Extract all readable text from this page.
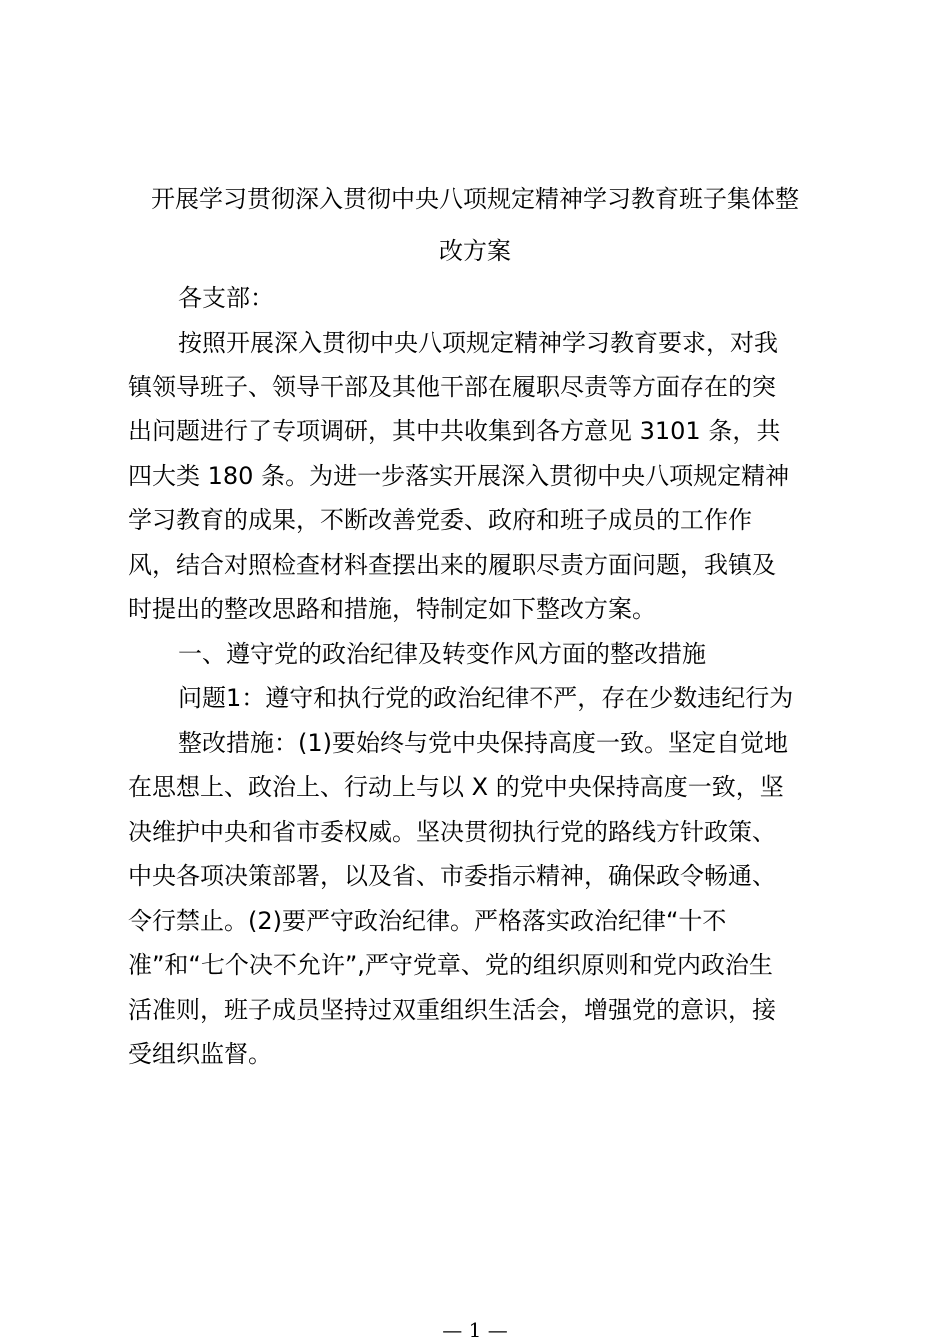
开展学习贯彻深入贯彻中央八项规定精神学习教育班子集体整
改方案
各支部：
按照开展深入贯彻中央八项规定精神学习教育要求，对我
镇领导班子、领导干部及其他干部在履职尽责等方面存在的突
出问题进行了专项调研，其中共收集到各方意见 3101 条，共
四大类 180 条。为进一步落实开展深入贯彻中央八项规定精神
学习教育的成果，不断改善党委、政府和班子成员的工作作
风，结合对照检查材料查摆出来的履职尽责方面问题，我镇及
时提出的整改思路和措施，特制定如下整改方案。
一、遵守党的政治纪律及转变作风方面的整改措施
问题1：遵守和执行党的政治纪律不严，存在少数违纪行为
整改措施：(1)要始终与党中央保持高度一致。坚定自觉地
在思想上、政治上、行动上与以 X 的党中央保持高度一致，坚
决维护中央和省市委权威。坚决贯彻执行党的路线方针政策、
中央各项决策部署，以及省、市委指示精神，确保政令畅通、
令行禁止。(2)要严守政治纪律。严格落实政治纪律“十不
准”和“七个决不允许”,严守党章、党的组织原则和党内政治生
活准则，班子成员坚持过双重组织生活会，增强党的意识，接
受组织监督。
— 1 —
